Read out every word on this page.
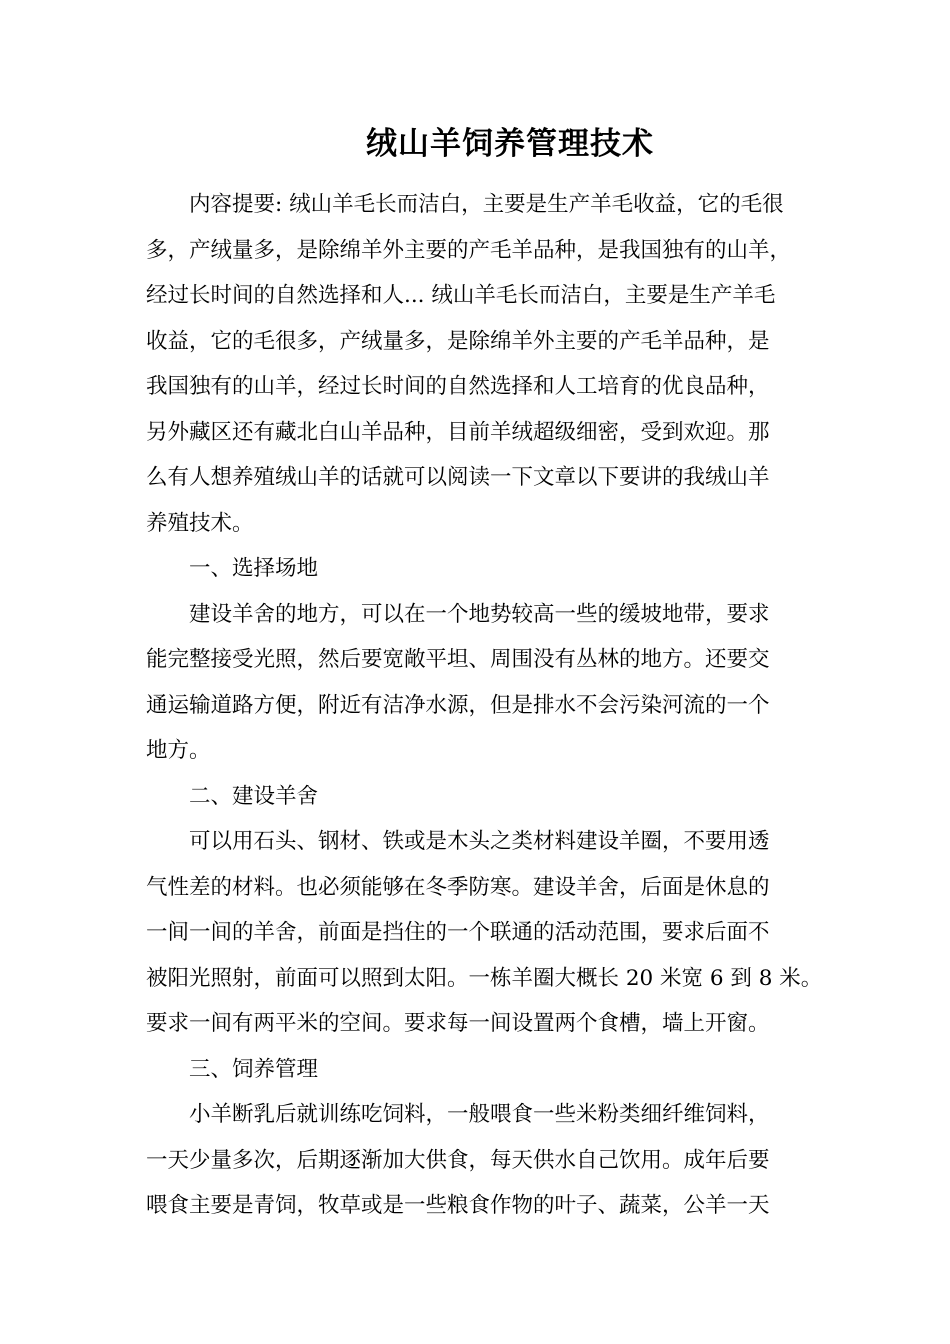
绒山羊饲养管理技术
内容提要: 绒山羊毛长而洁白，主要是生产羊毛收益，它的毛很
多，产绒量多，是除绵羊外主要的产毛羊品种，是我国独有的山羊，
经过长时间的自然选择和人... 绒山羊毛长而洁白，主要是生产羊毛
收益，它的毛很多，产绒量多，是除绵羊外主要的产毛羊品种，是
我国独有的山羊，经过长时间的自然选择和人工培育的优良品种，
另外藏区还有藏北白山羊品种，目前羊绒超级细密，受到欢迎。那
么有人想养殖绒山羊的话就可以阅读一下文章以下要讲的我绒山羊
养殖技术。
一、选择场地
建设羊舍的地方，可以在一个地势较高一些的缓坡地带，要求
能完整接受光照，然后要宽敞平坦、周围没有丛林的地方。还要交
通运输道路方便，附近有洁净水源，但是排水不会污染河流的一个
地方。
二、建设羊舍
可以用石头、钢材、铁或是木头之类材料建设羊圈，不要用透
气性差的材料。也必须能够在冬季防寒。建设羊舍，后面是休息的
一间一间的羊舍，前面是挡住的一个联通的活动范围，要求后面不
被阳光照射，前面可以照到太阳。一栋羊圈大概长 20 米宽 6 到 8 米。
要求一间有两平米的空间。要求每一间设置两个食槽，墙上开窗。
三、饲养管理
小羊断乳后就训练吃饲料，一般喂食一些米粉类细纤维饲料，
一天少量多次，后期逐渐加大供食，每天供水自己饮用。成年后要
喂食主要是青饲，牧草或是一些粮食作物的叶子、蔬菜，公羊一天
